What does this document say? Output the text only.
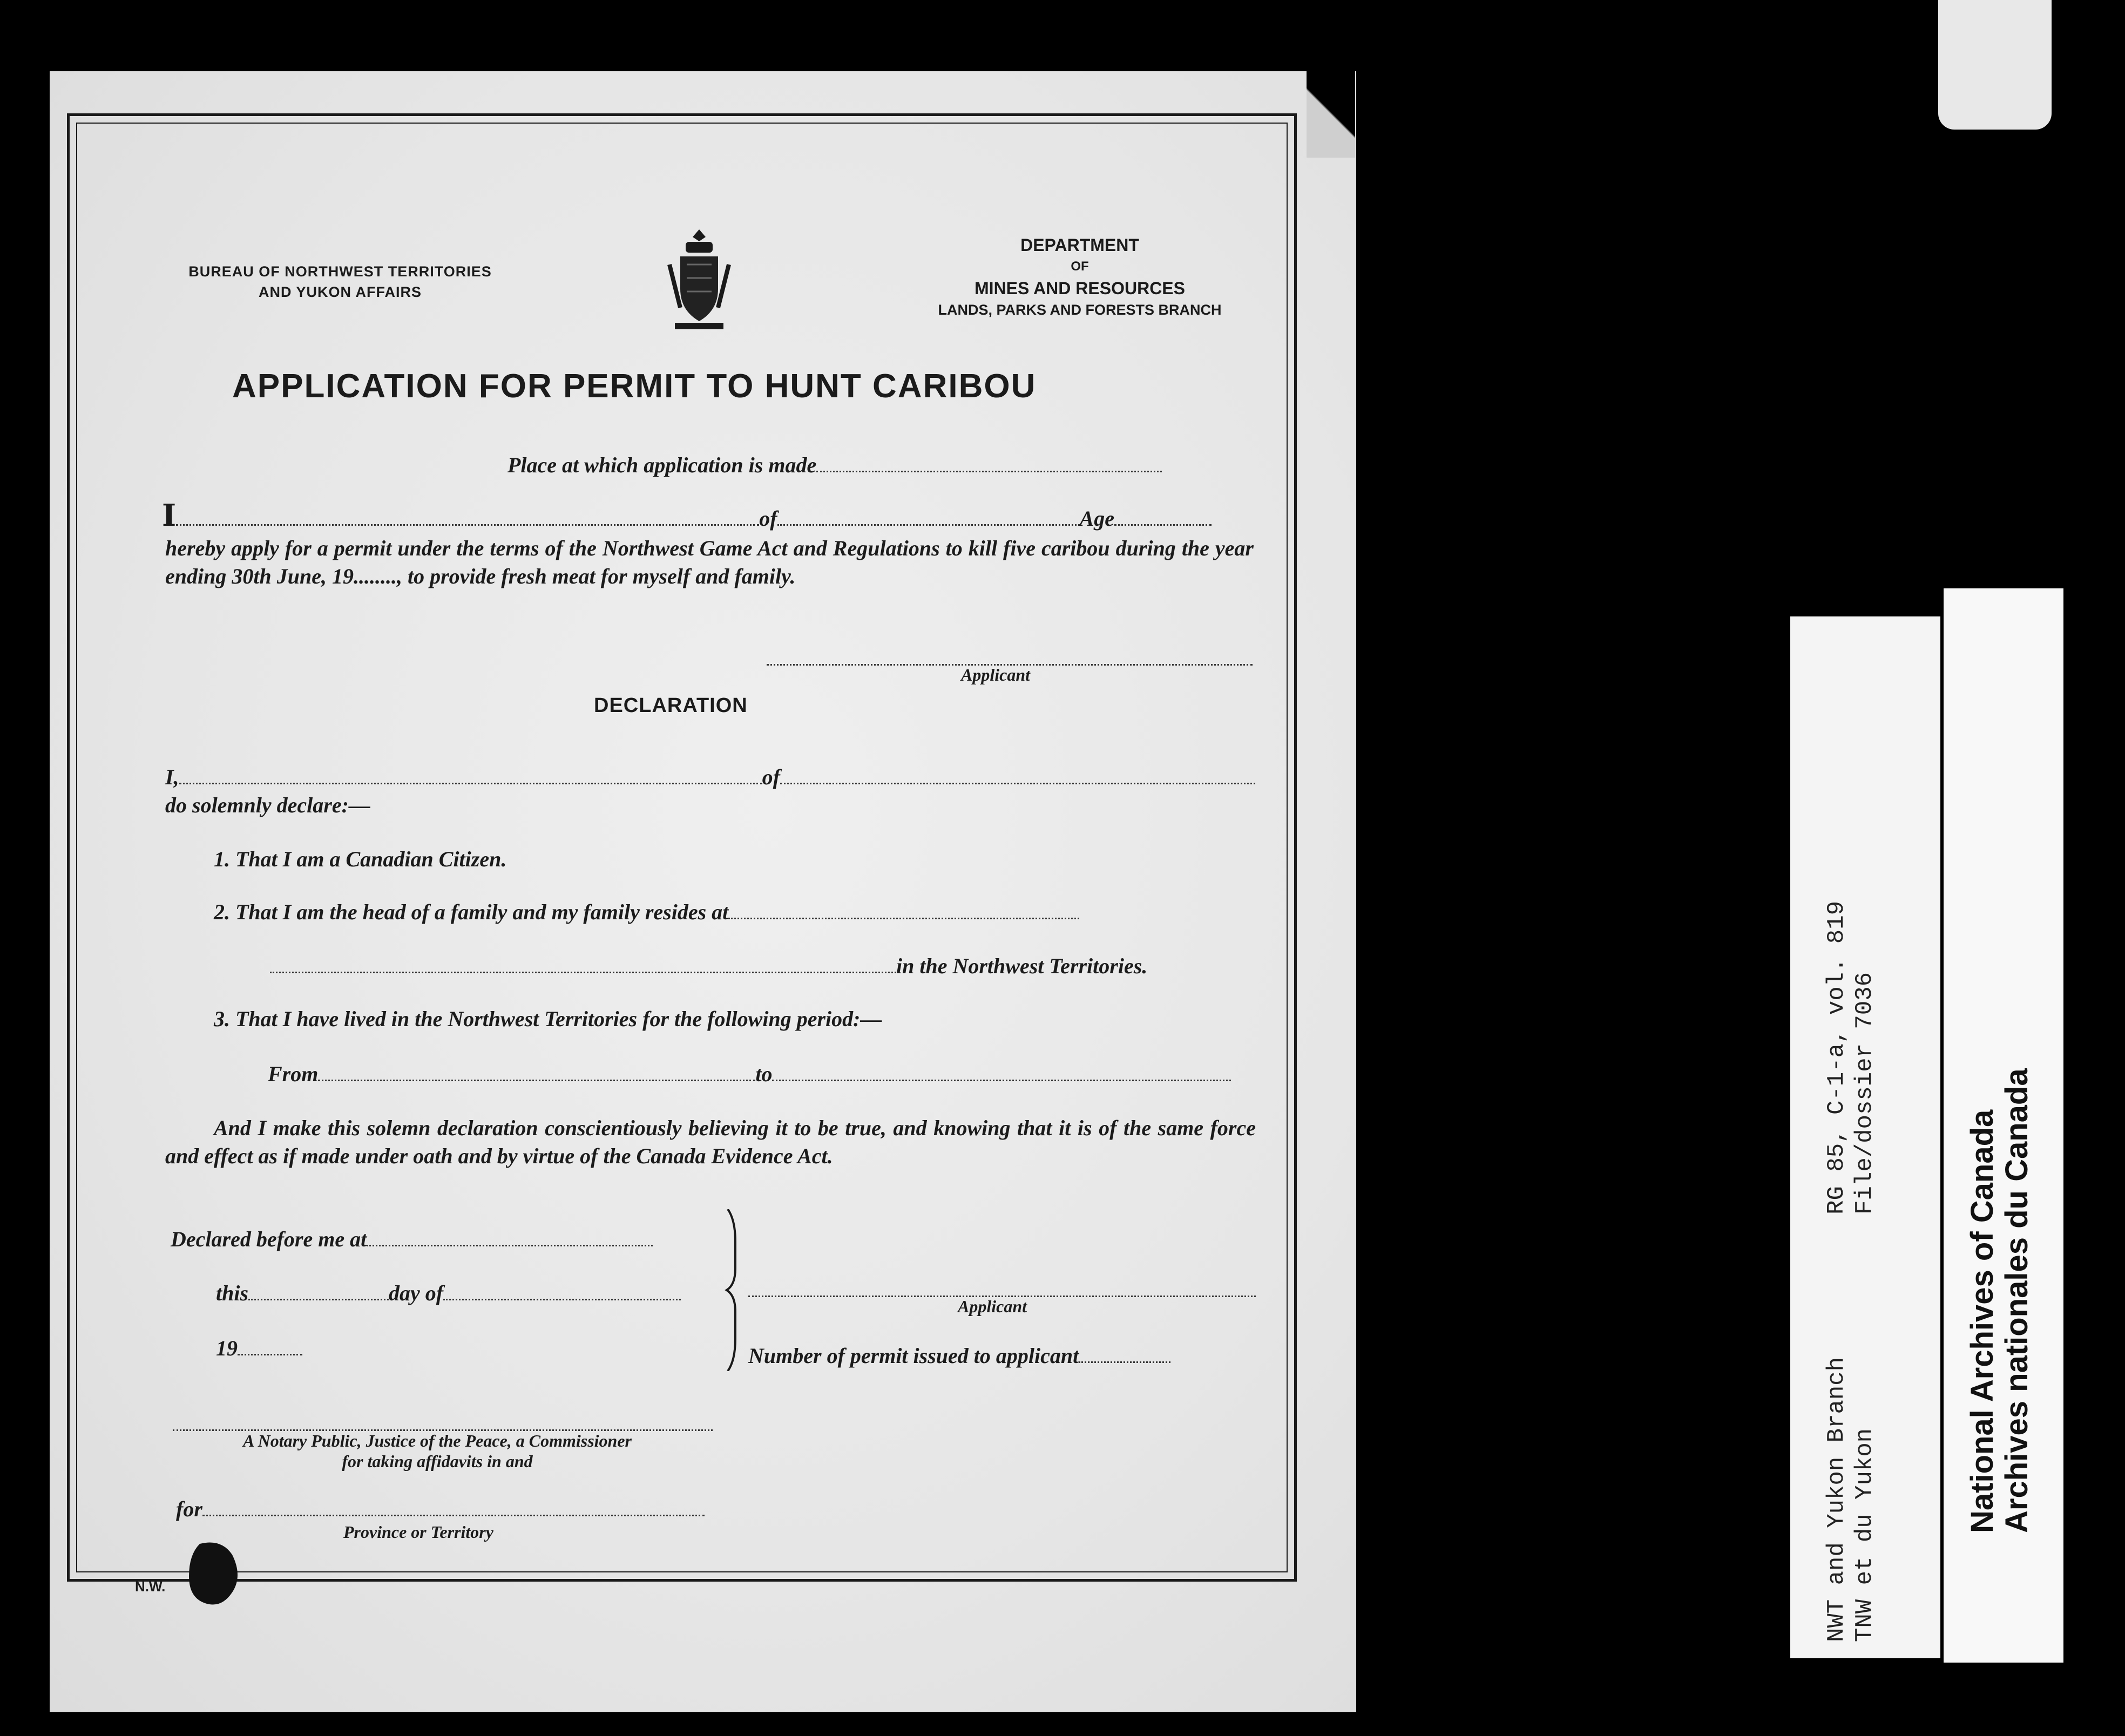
BUREAU OF NORTHWEST TERRITORIES
AND YUKON AFFAIRS
DEPARTMENT
OF
MINES AND RESOURCES
LANDS, PARKS AND FORESTS BRANCH
APPLICATION FOR PERMIT TO HUNT CARIBOU
Place at which application is made
I	of	Age
hereby apply for a permit under the terms of the Northwest Game Act and Regulations to kill five caribou during the year ending 30th June, 19........, to provide fresh meat for myself and family.
Applicant
DECLARATION
I,	of
do solemnly declare:—
1. That I am a Canadian Citizen.
2. That I am the head of a family and my family resides at
in the Northwest Territories.
3. That I have lived in the Northwest Territories for the following period:—
From	to
And I make this solemn declaration conscientiously believing it to be true, and knowing that it is of the same force and effect as if made under oath and by virtue of the Canada Evidence Act.
Declared before me at
this	day of
19
Applicant
Number of permit issued to applicant
A Notary Public, Justice of the Peace, a Commissioner
for taking affidavits in and
for
Province or Territory
N.W.	NWT and Yukon Branch          RG 85, C-1-a, vol. 819 TNW et du Yukon               File/dossier 7036	National Archives of Canada Archives nationales du Canada
